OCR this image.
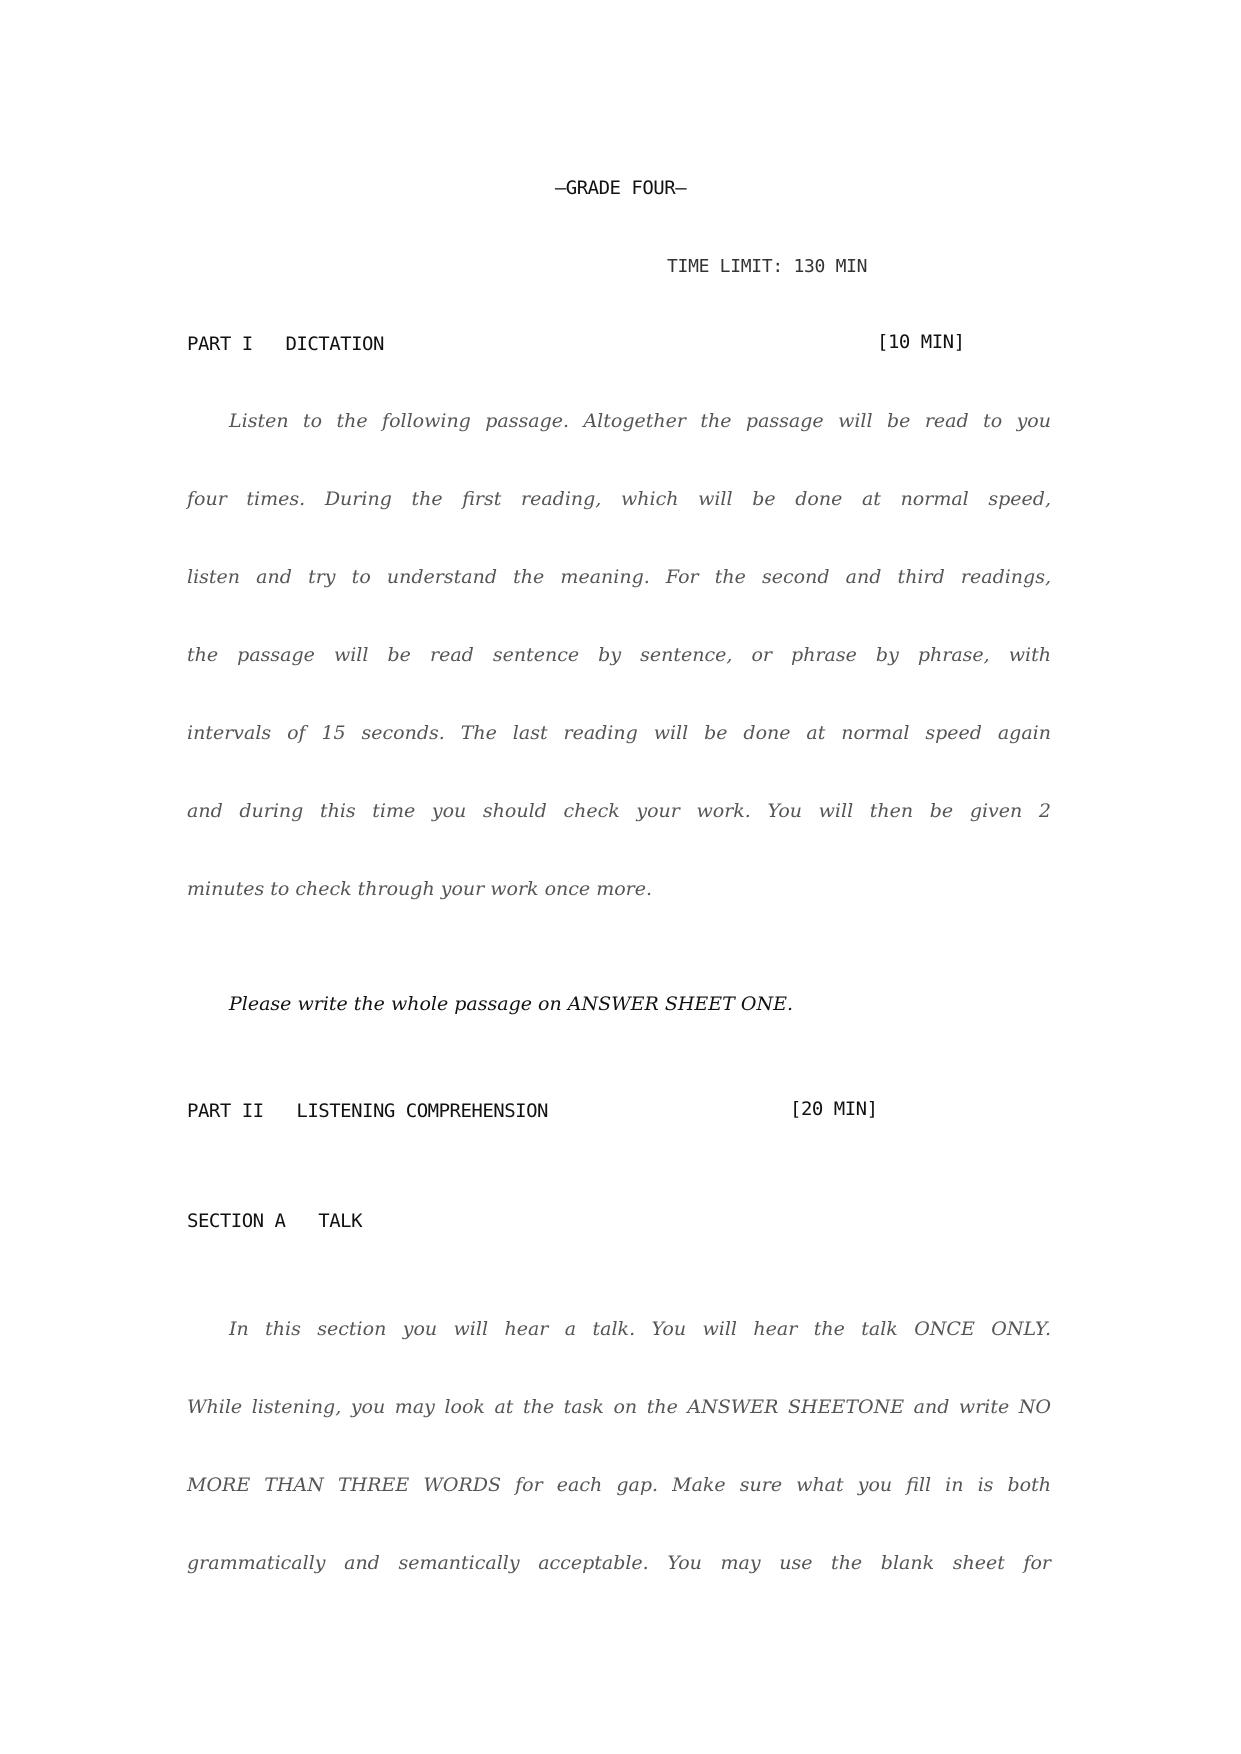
—GRADE FOUR—
TIME LIMIT: 130 MIN
PART I   DICTATION	[10 MIN]
Listen to the following passage. Altogether the passage will be read to you
four times. During the first reading, which will be done at normal speed,
listen and try to understand the meaning. For the second and third readings,
the passage will be read sentence by sentence, or phrase by phrase, with
intervals of 15 seconds. The last reading will be done at normal speed again
and during this time you should check your work. You will then be given 2
minutes to check through your work once more.
Please write the whole passage on ANSWER SHEET ONE.
PART II   LISTENING COMPREHENSION	[20 MIN]
SECTION A   TALK
In this section you will hear a talk. You will hear the talk ONCE ONLY.
While listening, you may look at the task on the ANSWER SHEETONE and write NO
MORE THAN THREE WORDS for each gap. Make sure what you fill in is both
grammatically and semantically acceptable. You may use the blank sheet for
